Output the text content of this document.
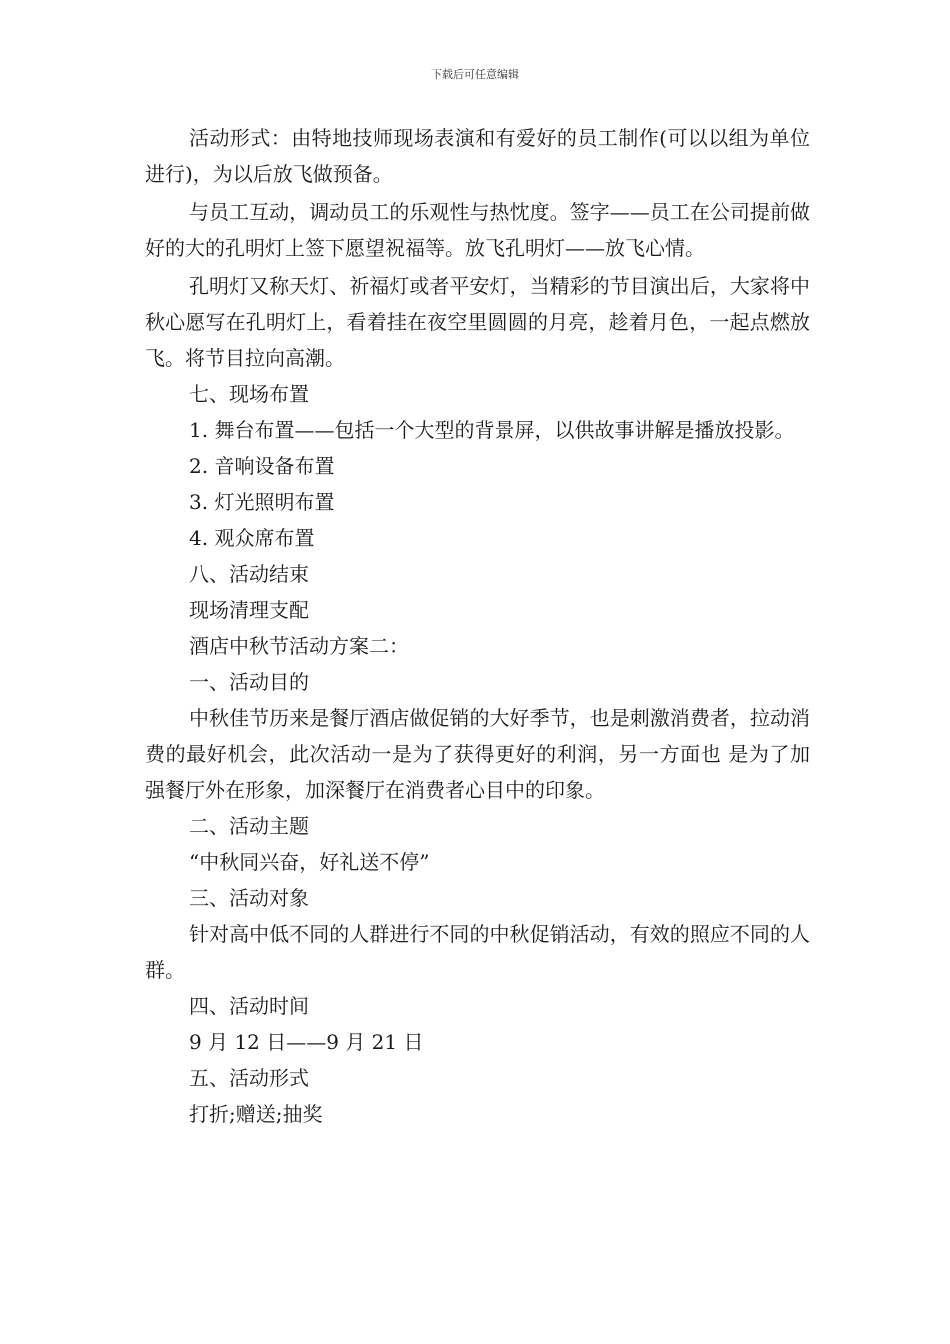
下载后可任意编辑

活动形式：由特地技师现场表演和有爱好的员工制作(可以以组为单位进行)，为以后放飞做预备。

与员工互动，调动员工的乐观性与热忱度。签字——员工在公司提前做好的大的孔明灯上签下愿望祝福等。放飞孔明灯——放飞心情。

孔明灯又称天灯、祈福灯或者平安灯，当精彩的节目演出后，大家将中秋心愿写在孔明灯上，看着挂在夜空里圆圆的月亮，趁着月色，一起点燃放飞。将节目拉向高潮。

七、现场布置

1. 舞台布置——包括一个大型的背景屏，以供故事讲解是播放投影。

2. 音响设备布置

3. 灯光照明布置

4. 观众席布置

八、活动结束

现场清理支配

酒店中秋节活动方案二：

一、活动目的

中秋佳节历来是餐厅酒店做促销的大好季节，也是刺激消费者，拉动消费的最好机会，此次活动一是为了获得更好的利润，另一方面也 是为了加强餐厅外在形象，加深餐厅在消费者心目中的印象。

二、活动主题

“中秋同兴奋，好礼送不停”

三、活动对象

针对高中低不同的人群进行不同的中秋促销活动，有效的照应不同的人群。

四、活动时间

9 月 12 日——9 月 21 日

五、活动形式

打折;赠送;抽奖
